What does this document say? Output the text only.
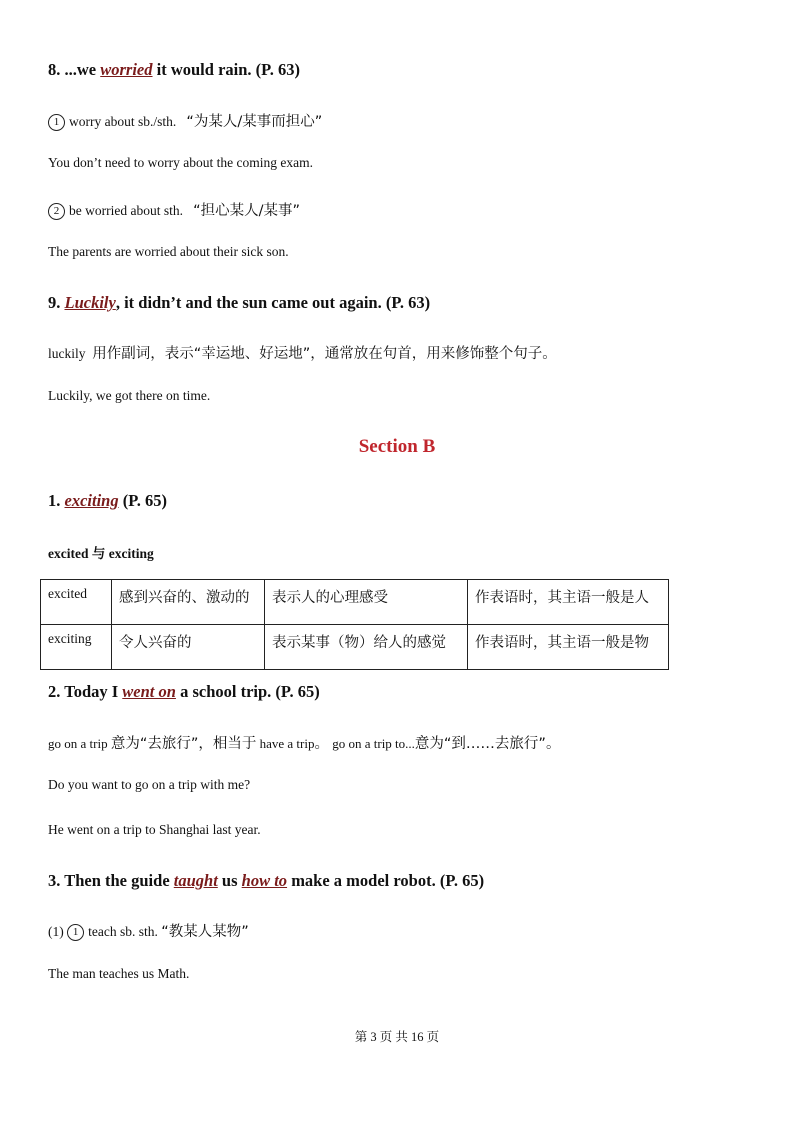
8. ...we worried it would rain. (P. 63)
1 worry about sb./sth. “为某人/某事而担心”
You don’t need to worry about the coming exam.
2 be worried about sth. “担心某人/某事”
The parents are worried about their sick son.
9. Luckily, it didn’t and the sun came out again. (P. 63)
luckily 用作副词，表示“幸运地、好运地”，通常放在句首，用来修饰整个句子。
Luckily, we got there on time.
Section B
1. exciting (P. 65)
excited 与 exciting
excited	感到兴奋的、激动的	表示人的心理感受	作表语时，其主语一般是人
exciting	令人兴奋的	表示某事（物）给人的感觉	作表语时，其主语一般是物
2. Today I went on a school trip. (P. 65)
go on a trip 意为“去旅行”，相当于 have a trip。 go on a trip to...意为“到……去旅行”。
Do you want to go on a trip with me?
He went on a trip to Shanghai last year.
3. Then the guide taught us how to make a model robot. (P. 65)
(1) 1 teach sb. sth. “教某人某物”
The man teaches us Math.
第 3 页 共 16 页
